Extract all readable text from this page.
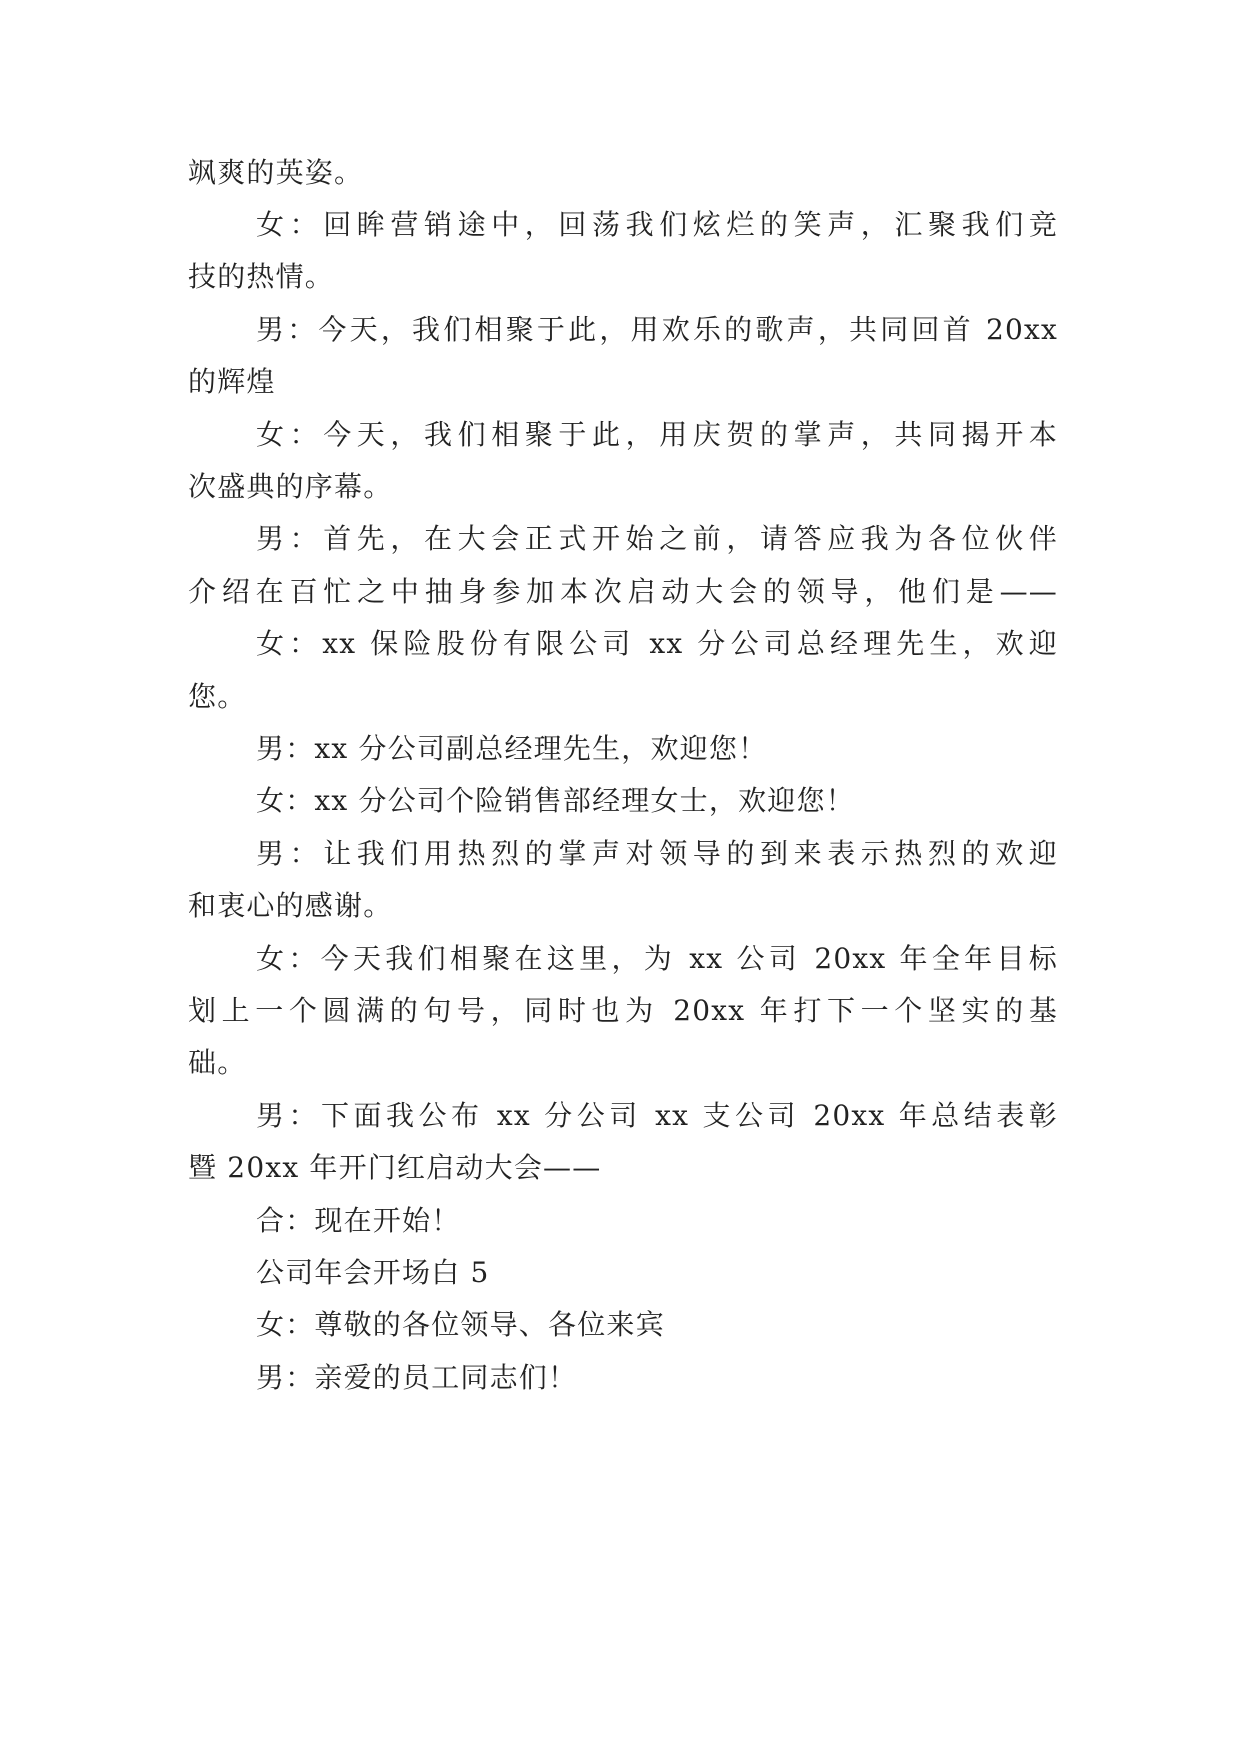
飒爽的英姿。
女：回眸营销途中，回荡我们炫烂的笑声，汇聚我们竞
技的热情。
男：今天，我们相聚于此，用欢乐的歌声，共同回首 20xx
的辉煌
女：今天，我们相聚于此，用庆贺的掌声，共同揭开本
次盛典的序幕。
男：首先，在大会正式开始之前，请答应我为各位伙伴
介绍在百忙之中抽身参加本次启动大会的领导，他们是——
女：xx 保险股份有限公司 xx 分公司总经理先生，欢迎
您。
男：xx 分公司副总经理先生，欢迎您！
女：xx 分公司个险销售部经理女士，欢迎您！
男：让我们用热烈的掌声对领导的到来表示热烈的欢迎
和衷心的感谢。
女：今天我们相聚在这里，为 xx 公司 20xx 年全年目标
划上一个圆满的句号，同时也为 20xx 年打下一个坚实的基
础。
男：下面我公布 xx 分公司 xx 支公司 20xx 年总结表彰
暨 20xx 年开门红启动大会——
合：现在开始！
公司年会开场白 5
女：尊敬的各位领导、各位来宾
男：亲爱的员工同志们！
